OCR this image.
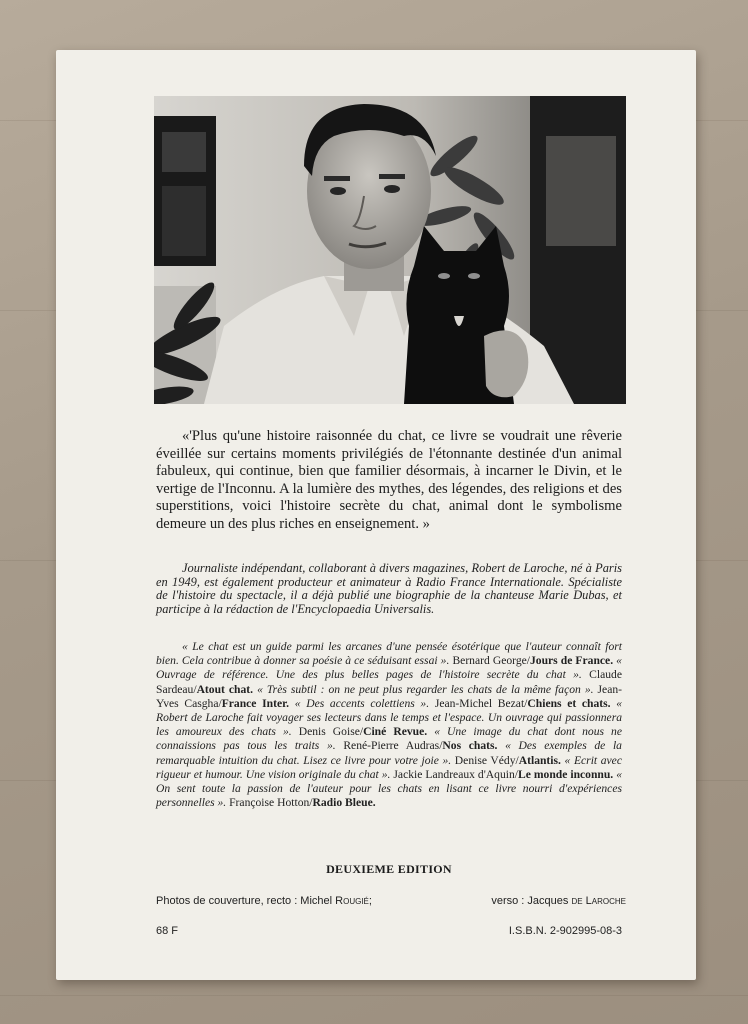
«'Plus qu'une histoire raisonnée du chat, ce livre se voudrait une rêverie éveillée sur certains moments privilégiés de l'étonnante destinée d'un animal fabuleux, qui continue, bien que familier désormais, à incarner le Divin, et le vertige de l'Inconnu. A la lumière des mythes, des légendes, des religions et des superstitions, voici l'histoire secrète du chat, animal dont le symbolisme demeure un des plus riches en enseignement. »
Journaliste indépendant, collaborant à divers magazines, Robert de Laroche, né à Paris en 1949, est également producteur et animateur à Radio France Internationale. Spécialiste de l'histoire du spectacle, il a déjà publié une biographie de la chanteuse Marie Dubas, et participe à la rédaction de l'Encyclopaedia Universalis.
« Le chat est un guide parmi les arcanes d'une pensée ésotérique que l'auteur connaît fort bien. Cela contribue à donner sa poésie à ce séduisant essai ». Bernard George/Jours de France. « Ouvrage de référence. Une des plus belles pages de l'histoire secrète du chat ». Claude Sardeau/Atout chat. « Très subtil : on ne peut plus regarder les chats de la même façon ». Jean-Yves Casgha/France Inter. « Des accents colettiens ». Jean-Michel Bezat/Chiens et chats. « Robert de Laroche fait voyager ses lecteurs dans le temps et l'espace. Un ouvrage qui passionnera les amoureux des chats ». Denis Goise/Ciné Revue. « Une image du chat dont nous ne connaissions pas tous les traits ». René-Pierre Audras/Nos chats. « Des exemples de la remarquable intuition du chat. Lisez ce livre pour votre joie ». Denise Védy/Atlantis. « Ecrit avec rigueur et humour. Une vision originale du chat ». Jackie Landreaux d'Aquin/Le monde inconnu. « On sent toute la passion de l'auteur pour les chats en lisant ce livre nourri d'expériences personnelles ». Françoise Hotton/Radio Bleue.
DEUXIEME EDITION
Photos de couverture, recto : Michel Rougié;	verso : Jacques de Laroche
68 F	I.S.B.N. 2-902995-08-3
